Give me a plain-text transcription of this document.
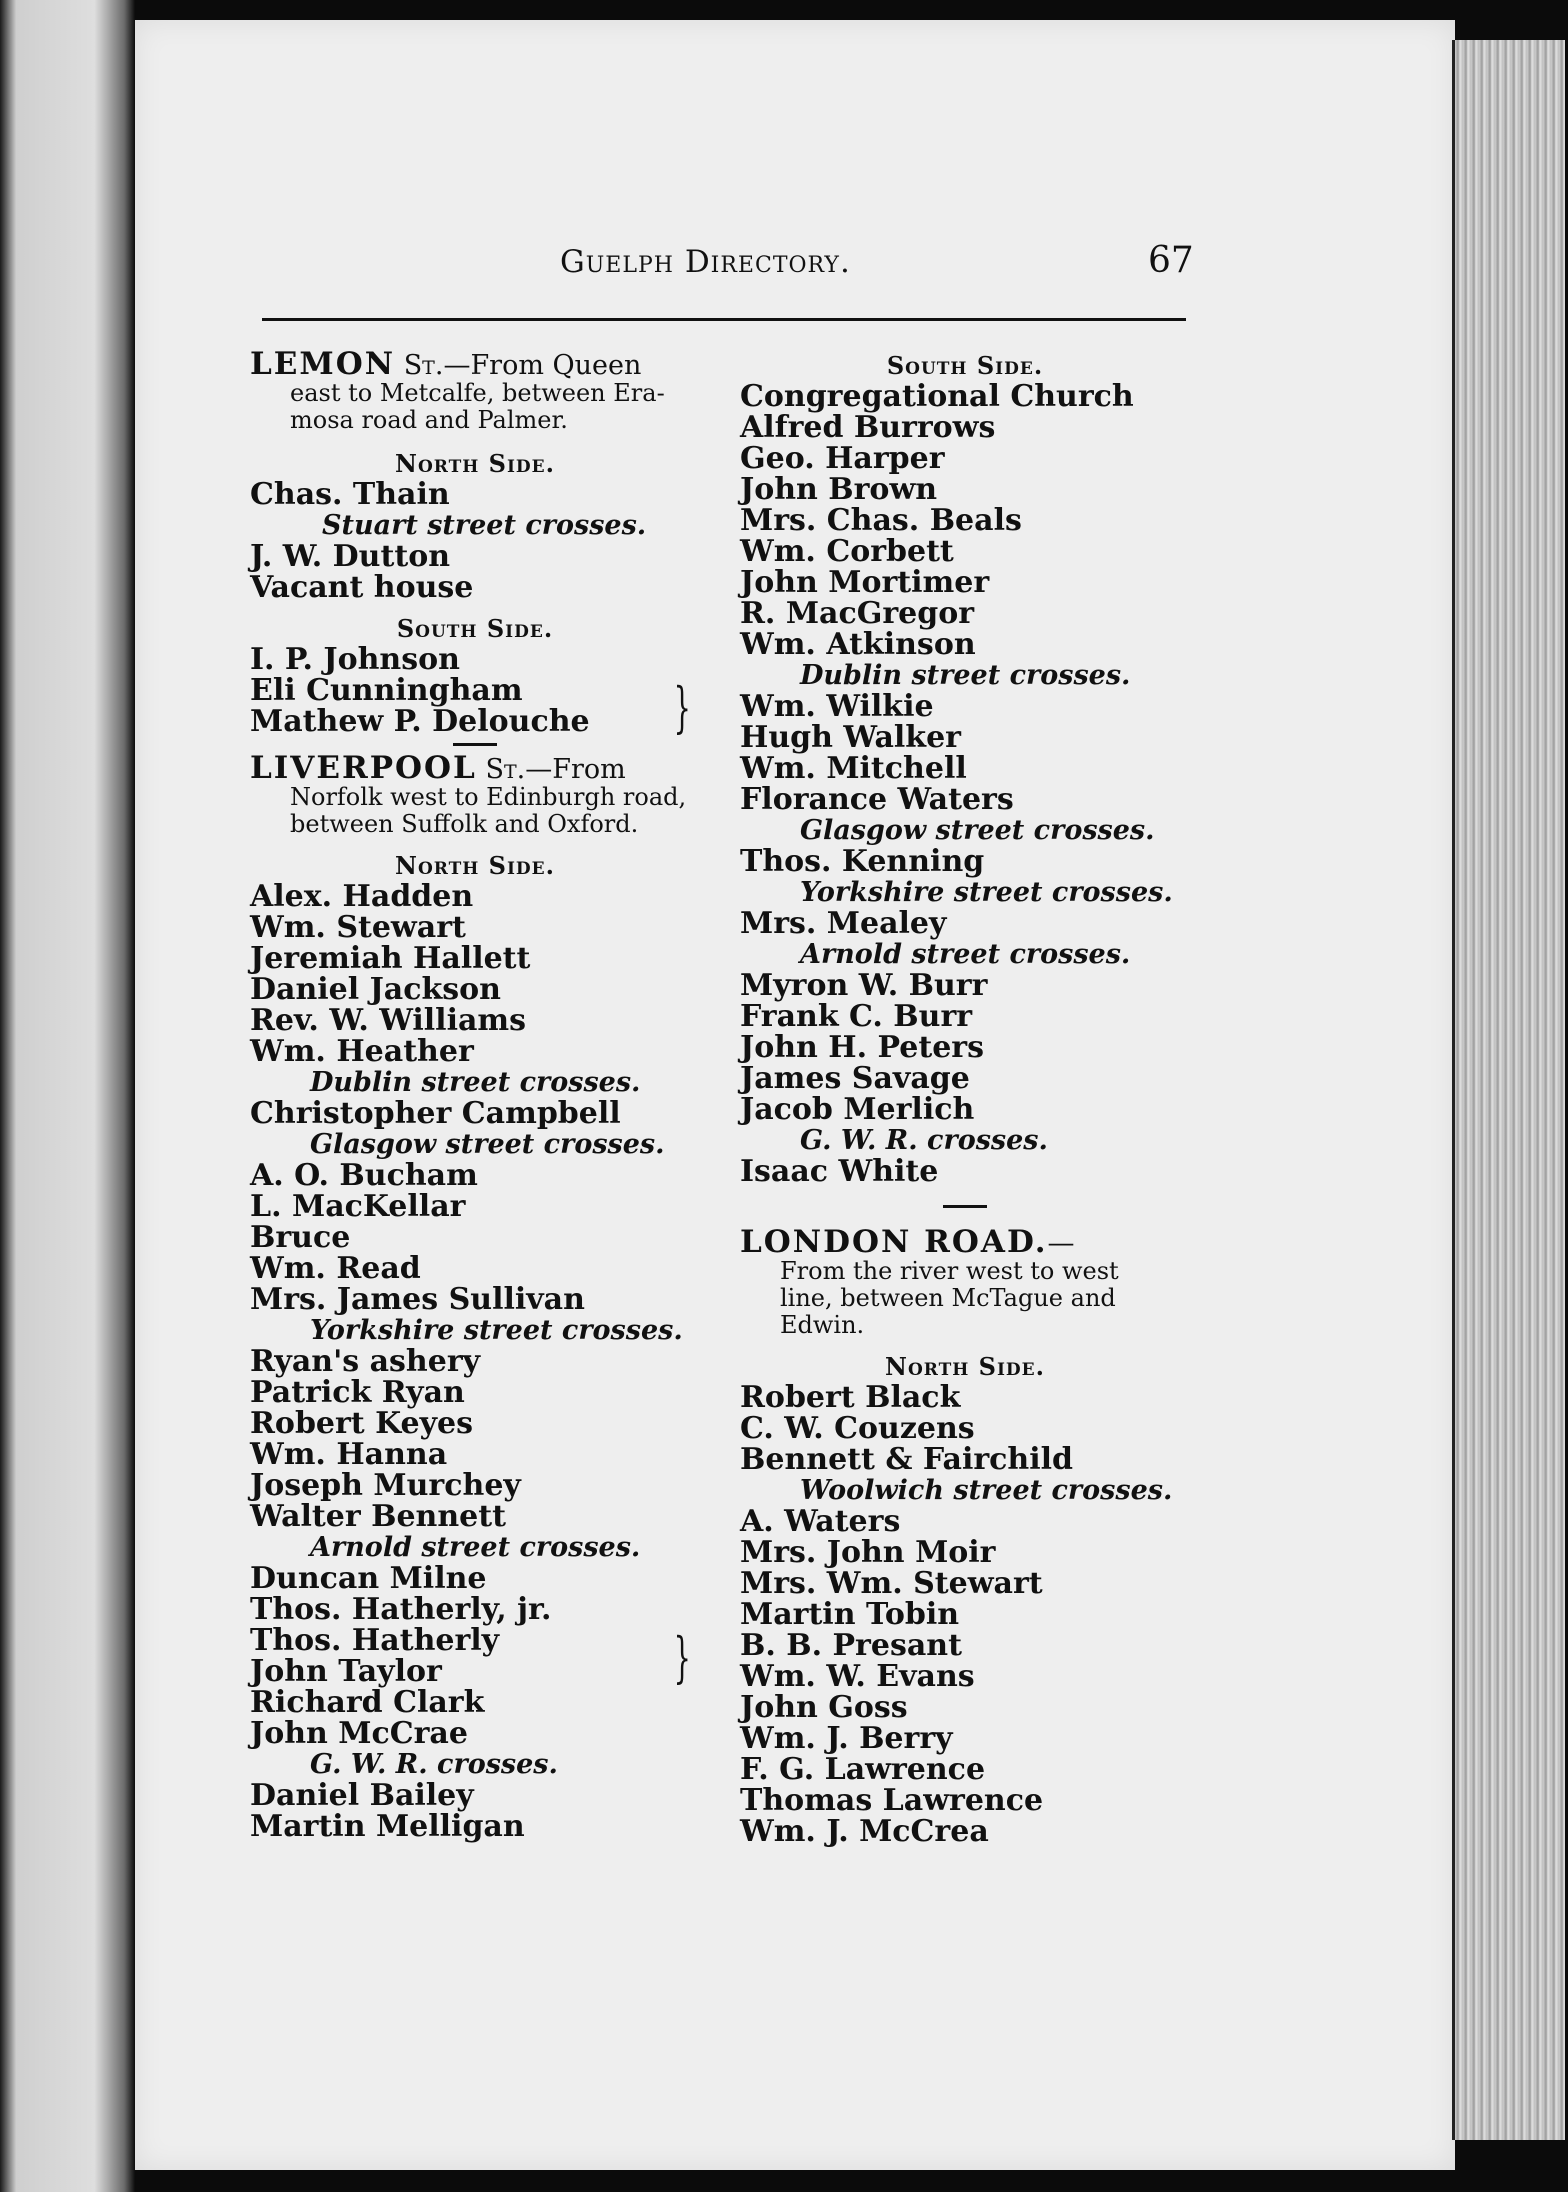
Guelph Directory.	67
LEMON St.—From Queen
east to Metcalfe, between Era-
mosa road and Palmer.
North Side.
Chas. Thain
Stuart street crosses.
J. W. Dutton
Vacant house
South Side.
I. P. Johnson
Eli Cunningham
Mathew P. Delouche	}
LIVERPOOL St.—From
Norfolk west to Edinburgh road,
between Suffolk and Oxford.
North Side.
Alex. Hadden
Wm. Stewart
Jeremiah Hallett
Daniel Jackson
Rev. W. Williams
Wm. Heather
Dublin street crosses.
Christopher Campbell
Glasgow street crosses.
A. O. Bucham
L. MacKellar
Bruce
Wm. Read
Mrs. James Sullivan
Yorkshire street crosses.
Ryan's ashery
Patrick Ryan
Robert Keyes
Wm. Hanna
Joseph Murchey
Walter Bennett
Arnold street crosses.
Duncan Milne
Thos. Hatherly, jr.
Thos. Hatherly
John Taylor
Richard Clark
John McCrae
G. W. R. crosses.
Daniel Bailey
Martin Melligan
}
South Side.
Congregational Church
Alfred Burrows
Geo. Harper
John Brown
Mrs. Chas. Beals
Wm. Corbett
John Mortimer
R. MacGregor
Wm. Atkinson
Dublin street crosses.
Wm. Wilkie
Hugh Walker
Wm. Mitchell
Florance Waters
Glasgow street crosses.
Thos. Kenning
Yorkshire street crosses.
Mrs. Mealey
Arnold street crosses.
Myron W. Burr
Frank C. Burr
John H. Peters
James Savage
Jacob Merlich
G. W. R. crosses.
Isaac White
LONDON ROAD.—
From the river west to west
line, between McTague and
Edwin.
North Side.
Robert Black
C. W. Couzens
Bennett & Fairchild
Woolwich street crosses.
A. Waters
Mrs. John Moir
Mrs. Wm. Stewart
Martin Tobin
B. B. Presant
Wm. W. Evans
John Goss
Wm. J. Berry
F. G. Lawrence
Thomas Lawrence
Wm. J. McCrea
